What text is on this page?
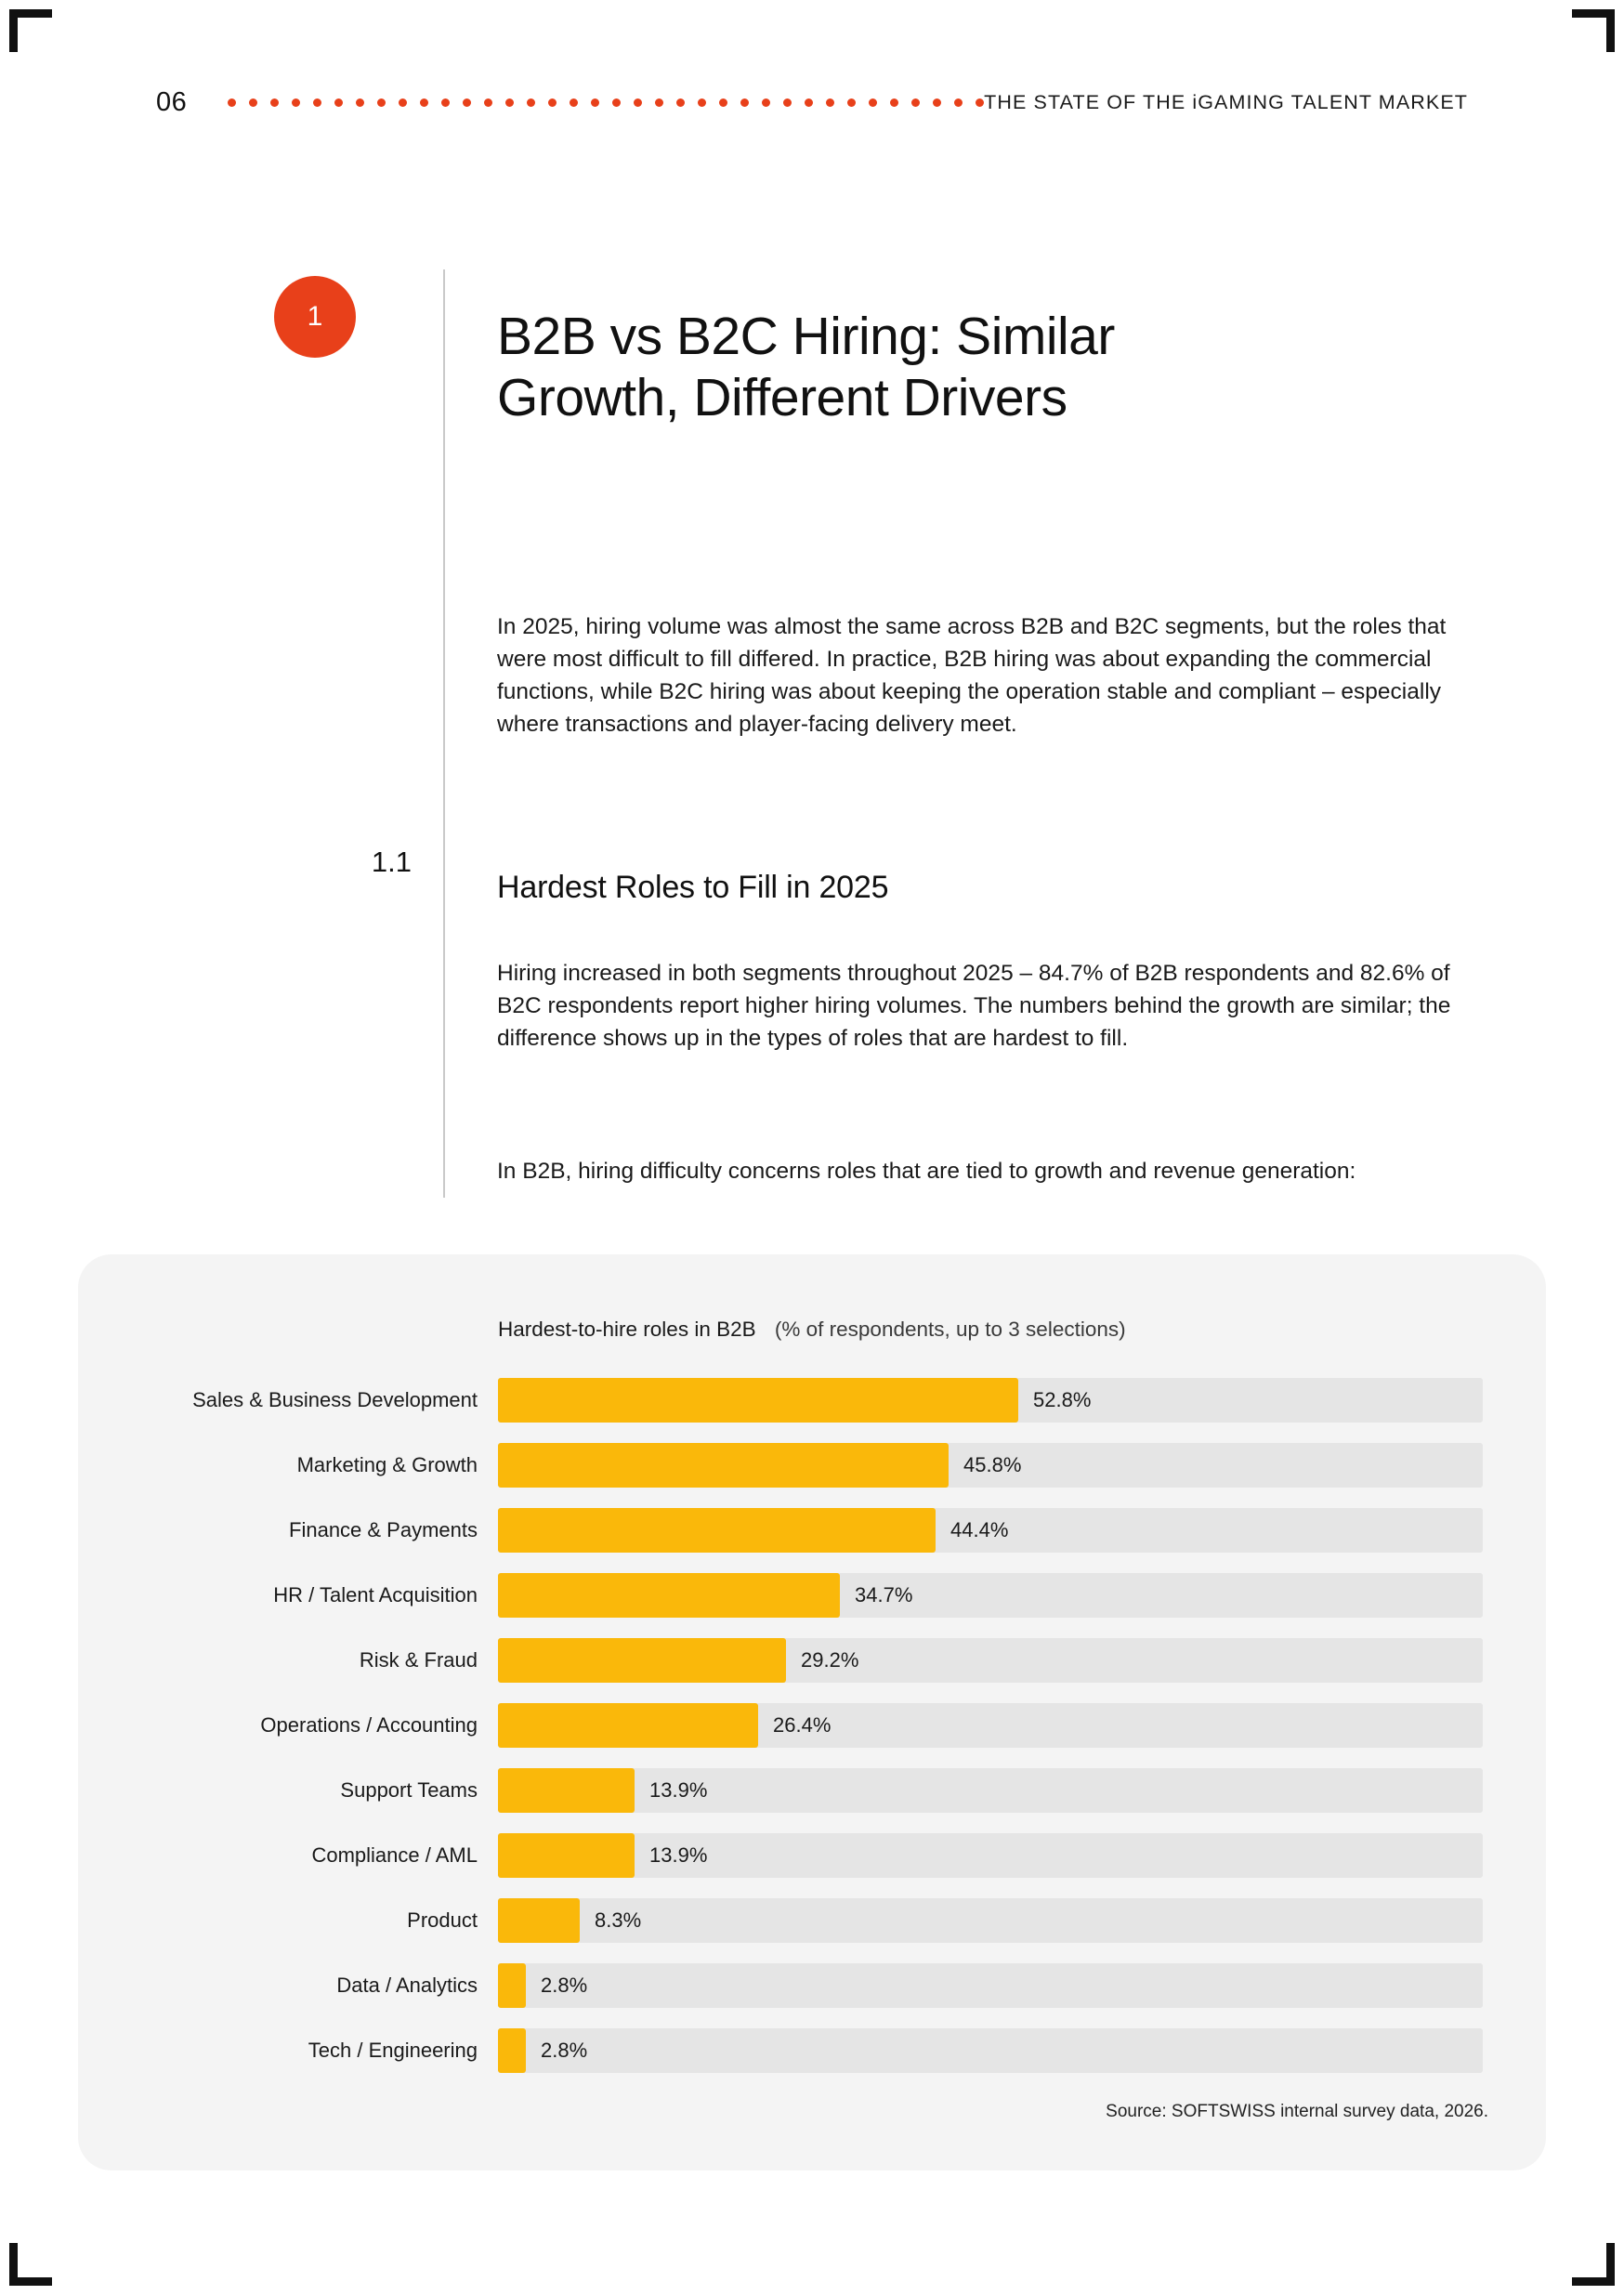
06	THE STATE OF THE iGAMING TALENT MARKET
1	B2B vs B2C Hiring: Similar Growth, Different Drivers

In 2025, hiring volume was almost the same across B2B and B2C segments, but the roles that were most difficult to fill differed. In practice, B2B hiring was about expanding the commercial functions, while B2C hiring was about keeping the operation stable and compliant – especially where transactions and player-facing delivery meet.

1.1
Hardest Roles to Fill in 2025

Hiring increased in both segments throughout 2025 – 84.7% of B2B respondents and 82.6% of B2C respondents report higher hiring volumes. The numbers behind the growth are similar; the difference shows up in the types of roles that are hardest to fill.

In B2B, hiring difficulty concerns roles that are tied to growth and revenue generation:

Hardest-to-hire roles in B2B (% of respondents, up to 3 selections)
Sales & Business Development	52.8%
Marketing & Growth	45.8%
Finance & Payments	44.4%
HR / Talent Acquisition	34.7%
Risk & Fraud	29.2%
Operations / Accounting	26.4%
Support Teams	13.9%
Compliance / AML	13.9%
Product	8.3%
Data / Analytics	2.8%
Tech / Engineering	2.8%
Source: SOFTSWISS internal survey data, 2026.
